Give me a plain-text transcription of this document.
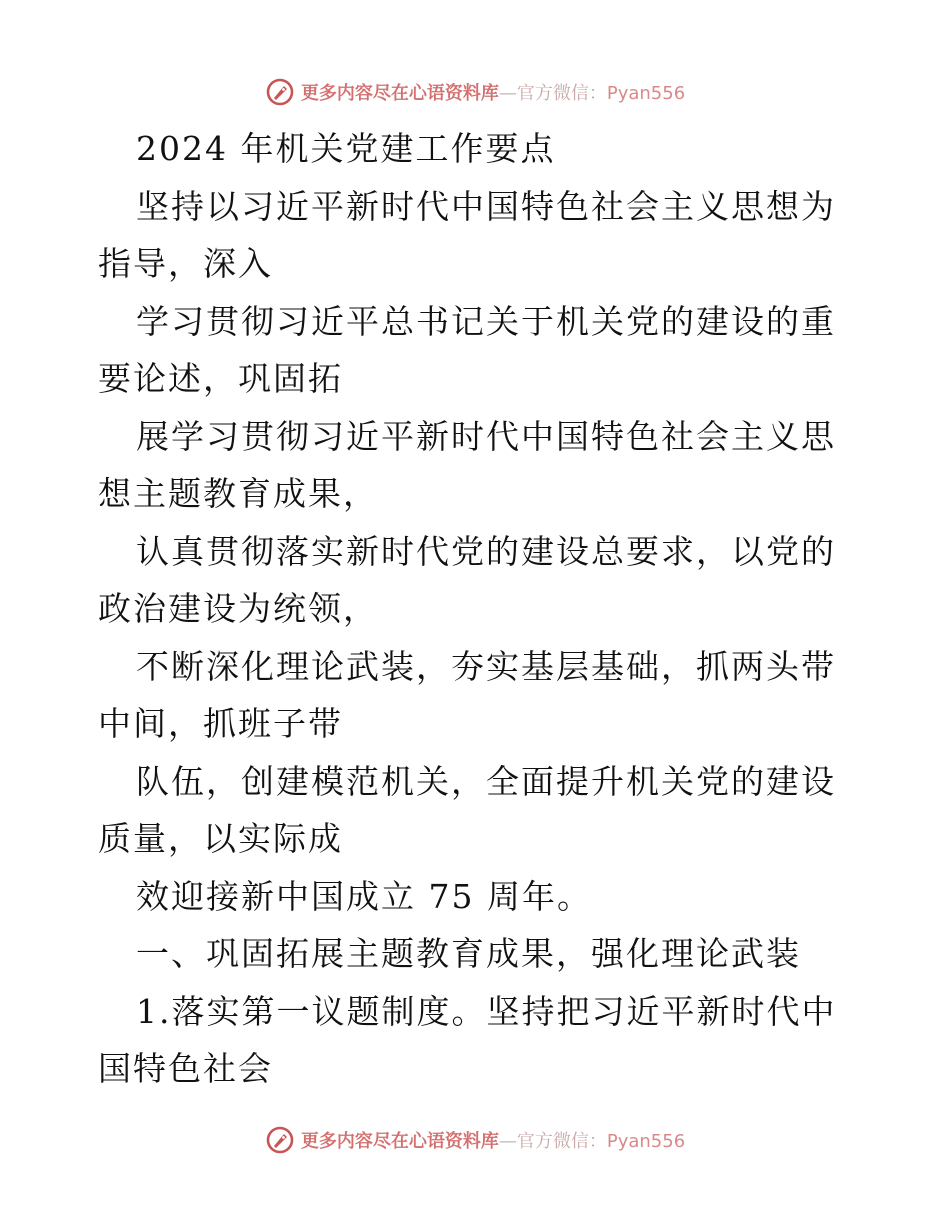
更多内容尽在心语资料库—官方微信：Pyan556

2024 年机关党建工作要点

坚持以习近平新时代中国特色社会主义思想为指导，深入

学习贯彻习近平总书记关于机关党的建设的重要论述，巩固拓

展学习贯彻习近平新时代中国特色社会主义思想主题教育成果，

认真贯彻落实新时代党的建设总要求，以党的政治建设为统领，

不断深化理论武装，夯实基层基础，抓两头带中间，抓班子带

队伍，创建模范机关，全面提升机关党的建设质量，以实际成

效迎接新中国成立 75 周年。

一、巩固拓展主题教育成果，强化理论武装

1.落实第一议题制度。坚持把习近平新时代中国特色社会

更多内容尽在心语资料库—官方微信：Pyan556
